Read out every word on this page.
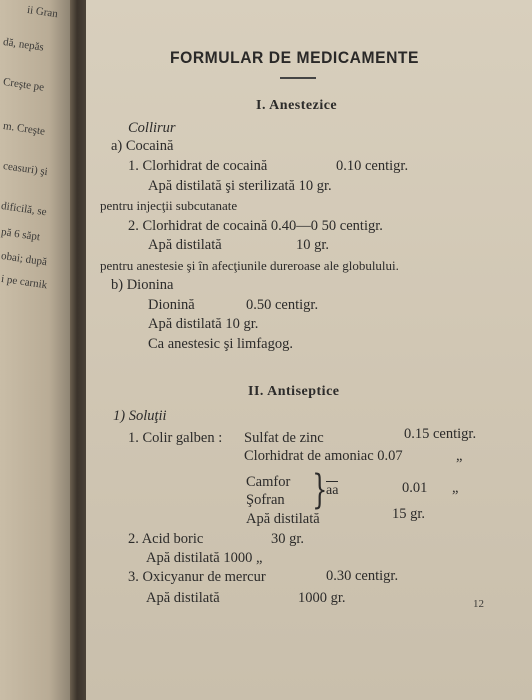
ii Gran
dă, nepăs
Creşte pe
m. Creşte
ceasuri) şi
dificilă, se
pă 6 săpt
obai; după
i pe carnik
FORMULAR DE MEDICAMENTE
I. Anestezice
Collirur
a) Cocaină
1. Clorhidrat de cocaină	0.10 centigr.
Apă distilată şi sterilizată 10 gr.
pentru injecţii subcutanate
2. Clorhidrat de cocaină 0.40—0 50 centigr.
Apă distilată	10 gr.
pentru anestesie şi în afecţiunile dureroase ale globulului.
b) Dionina
Dionină	0.50 centigr.
Apă distilată 10 gr.
Ca anestesic şi limfagog.
II. Antiseptice
1) Soluţii
1. Colir galben : Sulfat de zinc	0.15 centigr.
Clorhidrat de amoniac 0.07	„
Camfor
Şofran }
aa	0.01 „
Apă distilată	15 gr.
2. Acid boric	30 gr.
Apă distilată 1000 „
3. Oxicyanur de mercur	0.30 centigr.
Apă distilată	1000 gr.	12
